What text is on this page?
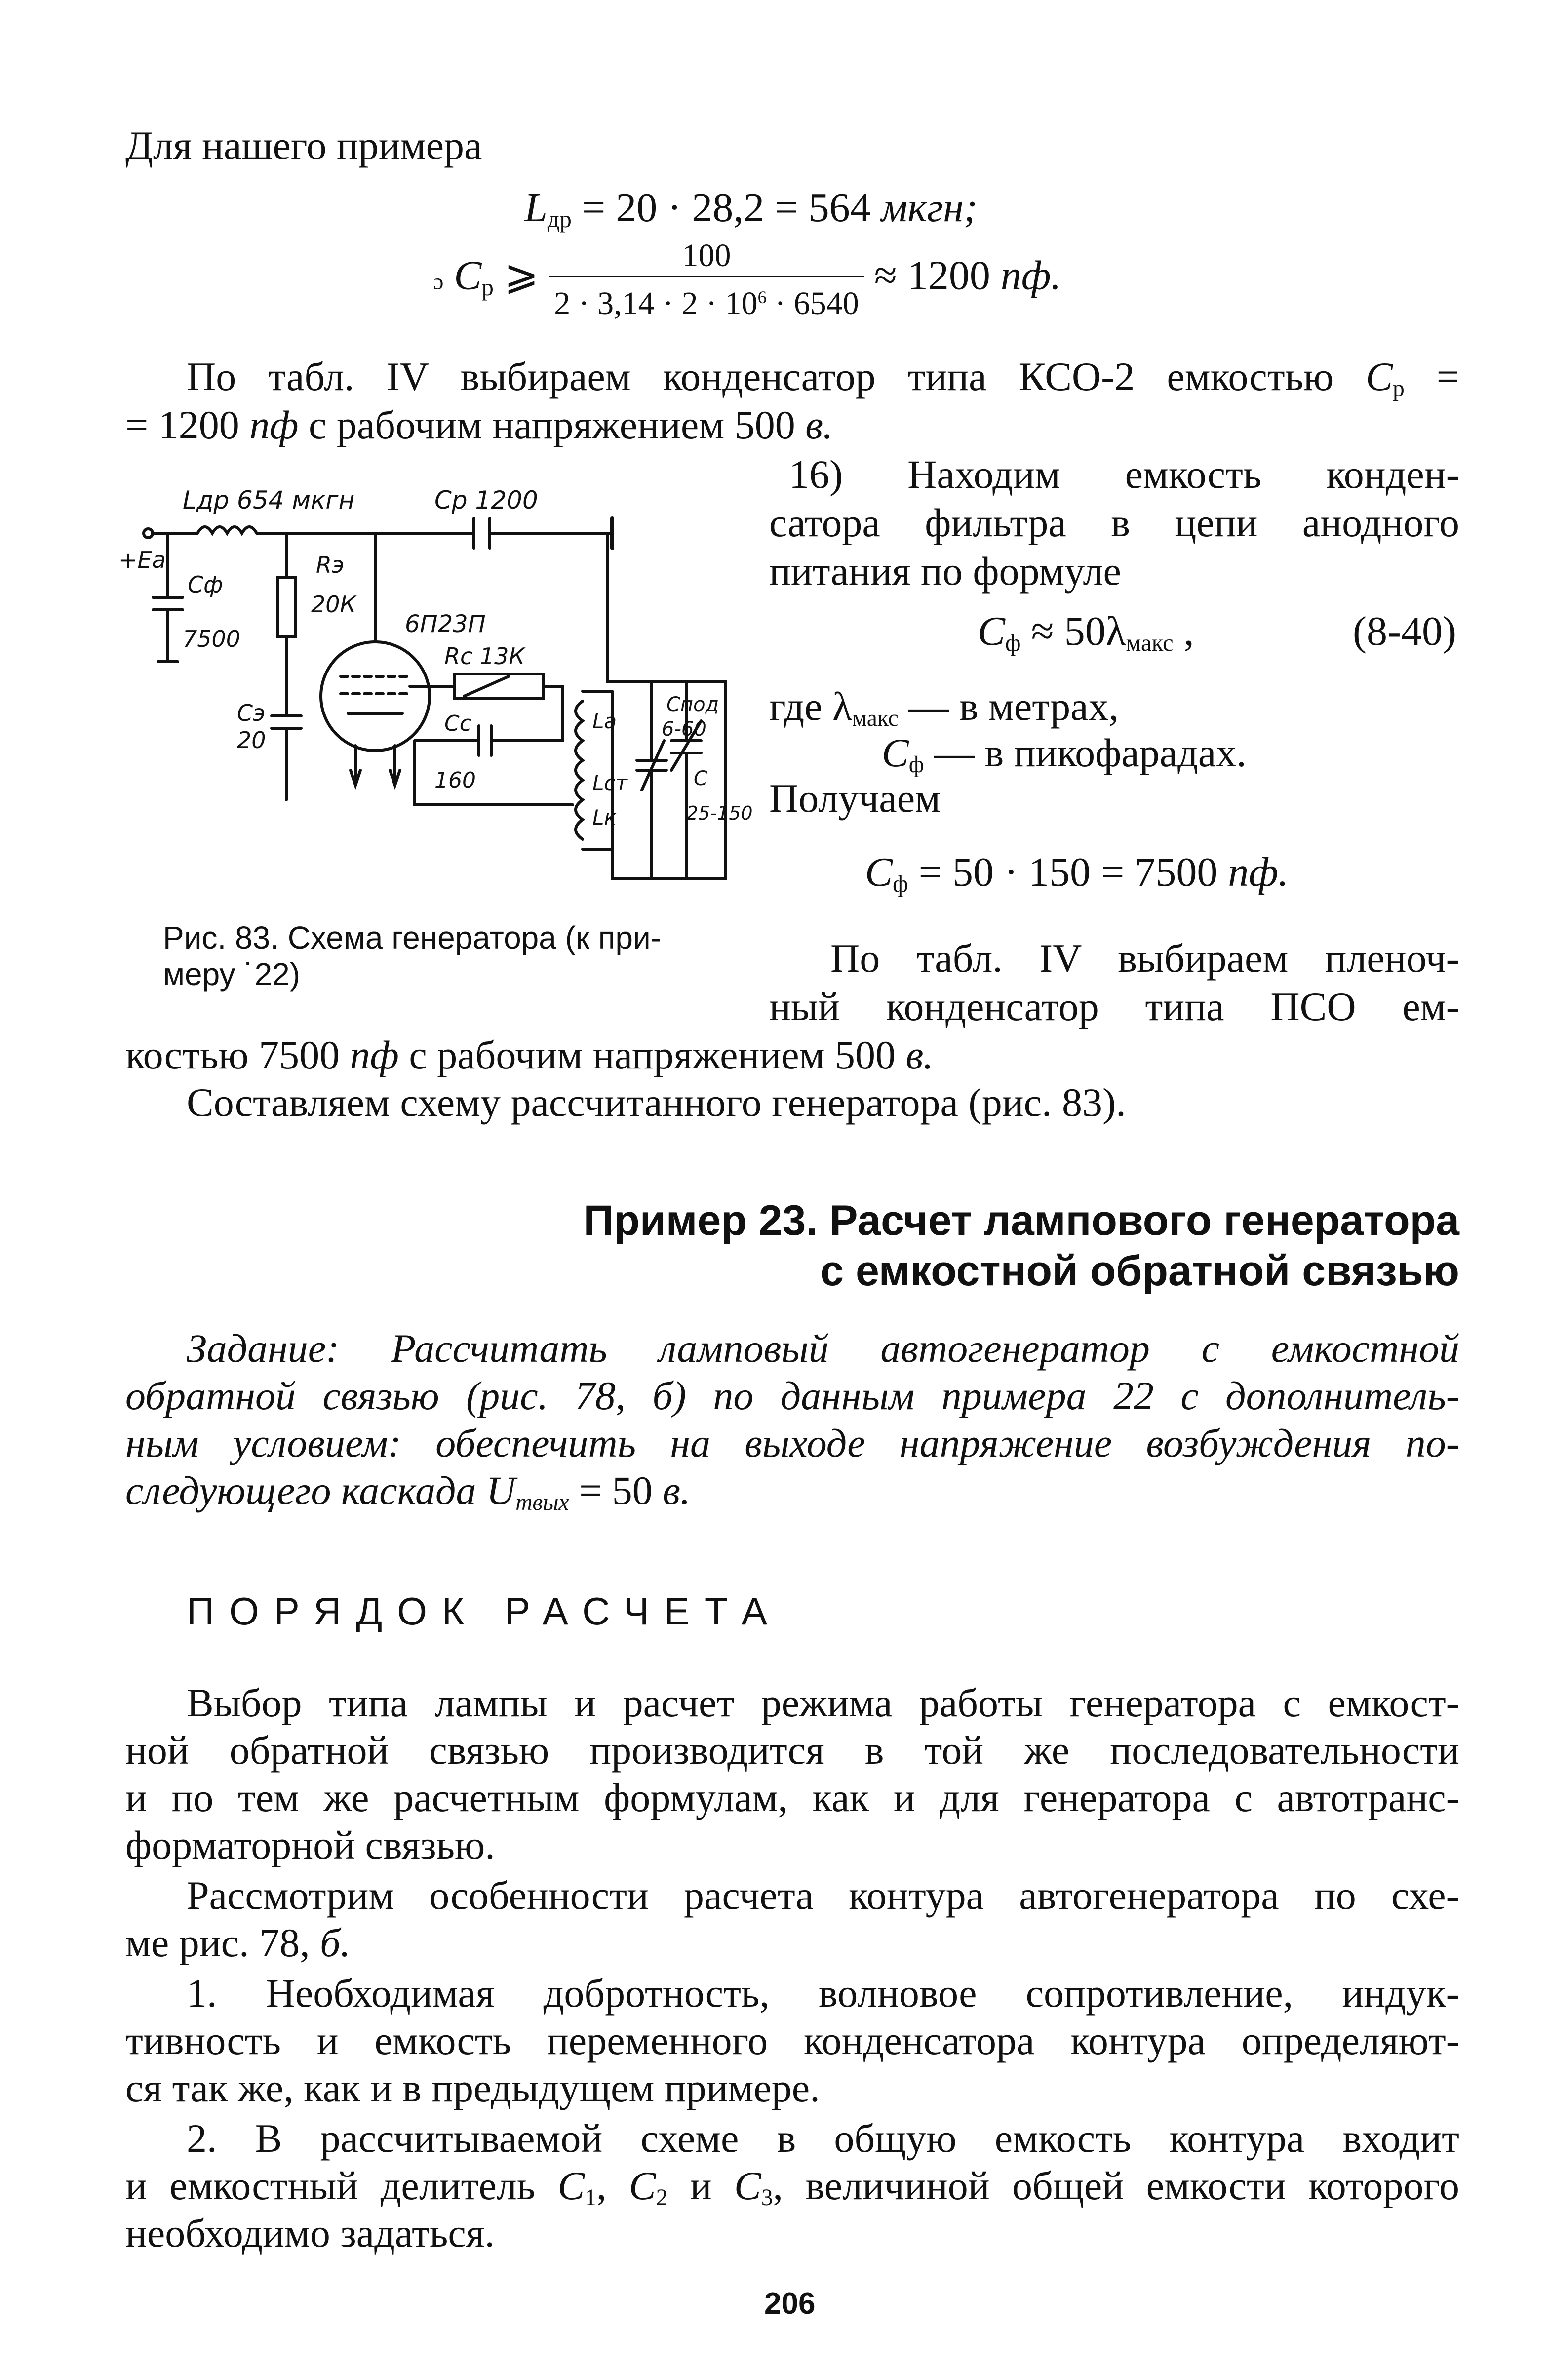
Для нашего примера
$L_{др} = 20 \cdot 28,2 = 564$ мкгн;
ɔ $C_р$ ⩾ $\frac{100}{2 \cdot 3,14 \cdot 2 \cdot 10^6 \cdot 6540} \approx 1200$ пф.
По табл. IV выбираем конденсатор типа КСО-2 емкостью $C_р$ =
= 1200 пф с рабочим напряжением 500 в.
16) Находим емкость конден-
сатора фильтра в цепи анодного
питания по формуле
$C_ф \approx 50\lambda_{макс}$ ,	(8-40)
где $\lambda_{макс}$ — в метрах,
$C_ф$ — в пикофарадах.
Получаем
$C_ф = 50 \cdot 150 = 7500$ пф.
По табл. IV выбираем пленоч-
ный конденсатор типа ПСО ем-
костью 7500 пф с рабочим напряжением 500 в.
Составляем схему рассчитанного генератора (рис. 83).
Lдр 654 мкгн	Cр 1200
+Ea
Cф
7500
Rэ
20К
6П23П
Rc 13К
Cэ
20
Cс
160
Lа
Lст
Lк
Cпод
6-60
C
25-150
Рис. 83. Схема генератора (к при-
меру ˙22)
Пример 23. Расчет лампового генератора
с емкостной обратной связью
Задание: Рассчитать ламповый автогенератор с емкостной
обратной связью (рис. 78, б) по данным примера 22 с дополнитель-
ным условием: обеспечить на выходе напряжение возбуждения по-
следующего каскада $U_{mвых} = 50$ в.
ПОРЯДОК РАСЧЕТА
Выбор типа лампы и расчет режима работы генератора с емкост-
ной обратной связью производится в той же последовательности
и по тем же расчетным формулам, как и для генератора с автотранс-
форматорной связью.
Рассмотрим особенности расчета контура автогенератора по схе-
ме рис. 78, б.
1. Необходимая добротность, волновое сопротивление, индук-
тивность и емкость переменного конденсатора контура определяют-
ся так же, как и в предыдущем примере.
2. В рассчитываемой схеме в общую емкость контура входит
и емкостный делитель $C_1$, $C_2$ и $C_3$, величиной общей емкости которого
необходимо задаться.
206
